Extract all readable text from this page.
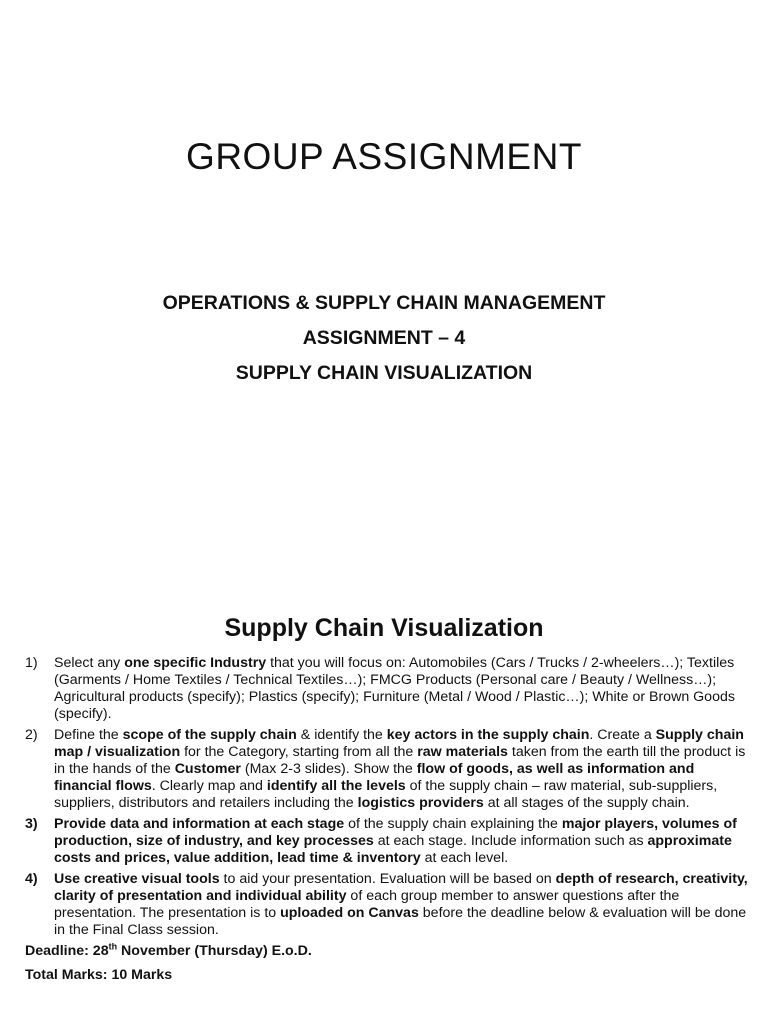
GROUP ASSIGNMENT
OPERATIONS & SUPPLY CHAIN MANAGEMENT
ASSIGNMENT – 4
SUPPLY CHAIN VISUALIZATION
Supply Chain Visualization
1) Select any one specific Industry that you will focus on: Automobiles (Cars / Trucks / 2-wheelers…); Textiles (Garments / Home Textiles / Technical Textiles…); FMCG Products (Personal care / Beauty / Wellness…); Agricultural products (specify); Plastics (specify); Furniture (Metal / Wood / Plastic…); White or Brown Goods (specify).
2) Define the scope of the supply chain & identify the key actors in the supply chain. Create a Supply chain map / visualization for the Category, starting from all the raw materials taken from the earth till the product is in the hands of the Customer (Max 2-3 slides). Show the flow of goods, as well as information and financial flows. Clearly map and identify all the levels of the supply chain – raw material, sub-suppliers, suppliers, distributors and retailers including the logistics providers at all stages of the supply chain.
3) Provide data and information at each stage of the supply chain explaining the major players, volumes of production, size of industry, and key processes at each stage. Include information such as approximate costs and prices, value addition, lead time & inventory at each level.
4) Use creative visual tools to aid your presentation. Evaluation will be based on depth of research, creativity, clarity of presentation and individual ability of each group member to answer questions after the presentation. The presentation is to uploaded on Canvas before the deadline below & evaluation will be done in the Final Class session.
Deadline: 28th November (Thursday) E.o.D.
Total Marks: 10 Marks
